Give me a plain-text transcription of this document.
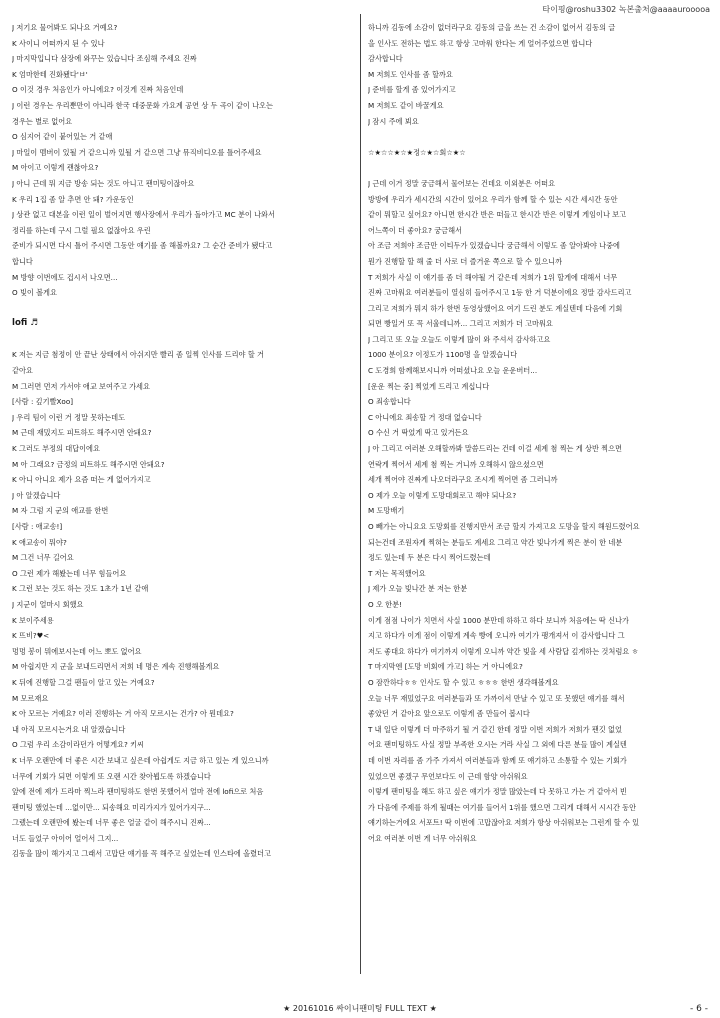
타이핑@roshu3302 녹본출처@aaaaurooooa
J 저기요 물어봐도 되나요 거예요?
K 사이니 어떠까지 된 수 있나
J 마지막입니다 삼장에 와꾸는 있습니다 조심해 주세요 진짜
K 엄마한테 진화됐다'ㅂ'
O 이것 경우 처음인가 아니에요? 이것게 진짜 처음인데
J 이런 경우는 우리뿐만이 아니라 한국 대중문화 가요계 공연 상 두 곡이 같이 나오는
경우는 별로 없어요
O 심지어 같이 붙어있는 거 같애
J 마일이 멤버이 있될 거 같으니까 있될 거 같으면 그냥 뮤직비디오를 틀어주세요
M 아이고 이렇게 괜찮아요?
J 아니 근데 뭐 지금 방송 되는 것도 아니고 팬미팅이잖아요
K 우리 1집 좀 알 추면 안 돼? 가운동인
J 상관 없고 대본을 이런 일이 벌어지면 행사장에서 우리가 돌아가고 MC 분이 나와서
정리를 하는데 구시 그럴 필요 없잖아요 우린
준비가 되시면 다시 틀어 주시면 그동안 얘기를 좀 해볼까요? 그 순간 준비가 됐다고
합니다
M 방향 이번에도 겁시서 나오면...
O 빛이 볼게요
lofi ♬
K 저는 지금 첨정이 안 끝난 상태에서 아쉬지만 빨리 좀 일찍 인사를 드리야 할 거
같아요
M 그러면 먼저 가서야 애교 보여주고 가세요
[사람 : 깊기빨Xoo]
J 우리 팀이 이런 거 정말 못하는데도
M 근데 재밌지도 피트하도 해주시면 안돼요?
K 그러도 부정의 대답이에요
M 아 그래요? 금정의 피트하도 해주시면 안돼요?
K 아니 아니요 제가 요즘 떠는 게 없어가지고
J 아 알겠습니다
M 자 그럼 지 군의 애교를 한번
[사람 : 애교송!]
K 애교송이 뭐야?
M 그건 너무 길어요
O 그런 제가 해봤는데 너무 힘들어요
K 그런 보는 것도 하는 것도 1초가 1년 같애
J 지군이 얼마시 회했요
K 보이주세용
K 뜨비?♥<
멍멍 봉이 뭐에보시는데 어느 뽀도 없어요
M 아쉽지만 지 군을 보내드리면서 저희 네 명은 계속 진행해볼게요
K 뒤에 진행할 그걸 팬들이 알고 있는 거예요?
M 모르재요
K 아 모르는 거예요? 이러 진행하는 거 아직 모르시는 건가? 아 뭔데요?
내 아직 모르시는거요 내 알겠습니다
O 그럼 우리 소감이라던가 어떻게요? 키씨
K 너무 오랜만에 더 좋은 시간 보내고 싶은데 아쉽게도 지금 하고 있는 게 있으니까
너무에 기회가 되면 이렇게 또 오랜 시간 찾아뵙도록 하겠습니다
앞에 전에 제가 드라마 찍느라 팬미팅하도 한번 못했어서 얼마 전에 lofi으로 처음
팬미팅 했었는데 ...없이만... 되송해요 미리가지가 있어가지구...
그랬는데 오랜만에 봤는데 너무 좋은 얼굴 같이 해주시니 진짜...
너도 들었구 아이어 얼어서 그지...
김동을 많이 해가지고 그래서 고맙단 얘기를 꼭 해주고 싶었는데 인스타에 올렸더고
하니까 김동에 소감이 없더라구요 김동의 글을 쓰는 건 소감이 없어서 김동의 글
을 인사도 전하는 법도 하고 항상 고마워 한다는 게 얼어주었으면 합니다
감사합니다
M 저희도 인사를 좀 할까요
J 준비를 할게 좀 있어가지고
M 저희도 같이 바꿀게요
J 잠시 주에 뵈요
☆★☆☆★☆★정☆★☆회☆★☆
J 근데 이거 정말 궁금해서 물어보는 건데요 이외분은 어떠요
방방에 우리가 세시간의 시간이 있어요 우리가 함께 할 수 있는 시간 세시간 동안
같이 뭐할고 싶어요? 아니면 한시간 반은 떠들고 한시간 반은 이렇게 게임이나 보고
어느쪽이 더 좋아요? 궁금해서
아 조금 저희야 조금만 이티두가 있겠습니다 궁금해서 이렇도 좀 알아봐야 나중에
뭔가 진행할 할 해 줄 더 사로 더 즐거운 쪽으로 할 수 있으니까
T 저희가 사실 이 얘기를 좀 더 해야될 거 같은데 저희가 1위 할게에 대해서 너무
진짜 고마워요 여러분들이 열심히 들어주시고 1등 한 거 덕분이에요 정말 감사드리고
그리고 저희가 뭐지 하가 한번 동영상했어요 여기 드린 분도 계실텐데 다음에 기회
되면 빵일거 또 꼭 서울데니까... 그리고 저희가 더 고마워요
J 그리고 또 오늘 오늘도 이렇게 많이 와 주셔서 감사하고요
1000 분이요? 이정도가 1100명 을 알겠습니다
C 도경희 함께해보시니까 어떠셨나요 오늘 운운버터...
[운운 찍는 중] 찍었게 드리고 계십니다
O 죄송합니다
C 아니에요 죄송할 거 정대 없습니다
O 수신 거 딱었게 딱고 있거든요
J 아 그리고 여러분 오해할까봐 말씀드리는 건데 이걸 세계 첨 찍는 게 상반 찍으면
연락게 찍어서 세계 첨 찍는 거니까 오해하시 않으셨으면
세개 찍어야 진짜게 나오더라구요 조시게 찍어면 좀 그러니까
O 제가 오늘 이렇게 도망대회로고 해야 되나요?
M 도망배기
O 빼가는 아니요요 도망회를 진행지만서 조금 할지 가져고요 도망을 할지 해원드렸어요
되는건데 조원자게 찍혀는 분들도 계세요 그리고 약간 빛나가게 찍은 분이 한 네분
정도 있는데 두 분은 다시 찍어드렸는데
T 저는 목적했어요
J 제가 오늘 빛나간 분 저는 한분
O 오 한분!
이게 점점 나이가 치면서 사실 1000 분만데 하하고 하다 보니까 처음에는 딱 신나가
지고 하다가 이게 점이 이렇게 계속 빵에 오니까 여기가 팽개져서 이 감사합니다 그
저도 좋대요 하다가 여기까지 이렇게 오니까 약간 빛을 세 사람답 깊게하는 것처럼요 ㅎ
T 마지막엔 [도망 비회에 가고] 하는 거 아니에요?
O 잠깐하다ㅎㅎ 인사도 할 수 있고 ㅎㅎㅎ 한번 생각해볼게요
오늘 너무 재밌었구요 여러분들과 또 가까이서 만날 수 있고 또 못했던 얘기를 해서
좋았던 거 같아요 앞으로도 이렇게 좀 만들어 봅시다
T 내 일단 이렇게 더 마주하기 될 거 같긴 한데 정말 이번 저희가 저희가 팬깃 없었
어요 팬미팅하도 사실 정말 부족한 오시는 거라 사실 그 외에 다른 분들 많이 계실텐
데 이번 자리를 좀 가주 가져서 여러분들과 함께 또 얘기하고 소통할 수 있는 기회가
있었으면 좋겠구 무언보다도 이 근데 함양 아쉬워요
이렇게 팬미팅을 해도 하고 싶은 얘기가 정말 많았는데 다 못하고 가는 거 같아서 빈
가 다음에 주제를 하게 될때는 여기를 들어서 1위를 했으면 그리게 대해서 시시간 동안
얘기하는거에요 서포트! 딱 이번에 고맙잖아요 저희가 항상 아쉬워보는 그런게 할 수 있
어요 여러분 이번 게 너무 아쉬워요
★ 20161016 싸이니팬미팅 FULL TEXT ★	- 6 -
